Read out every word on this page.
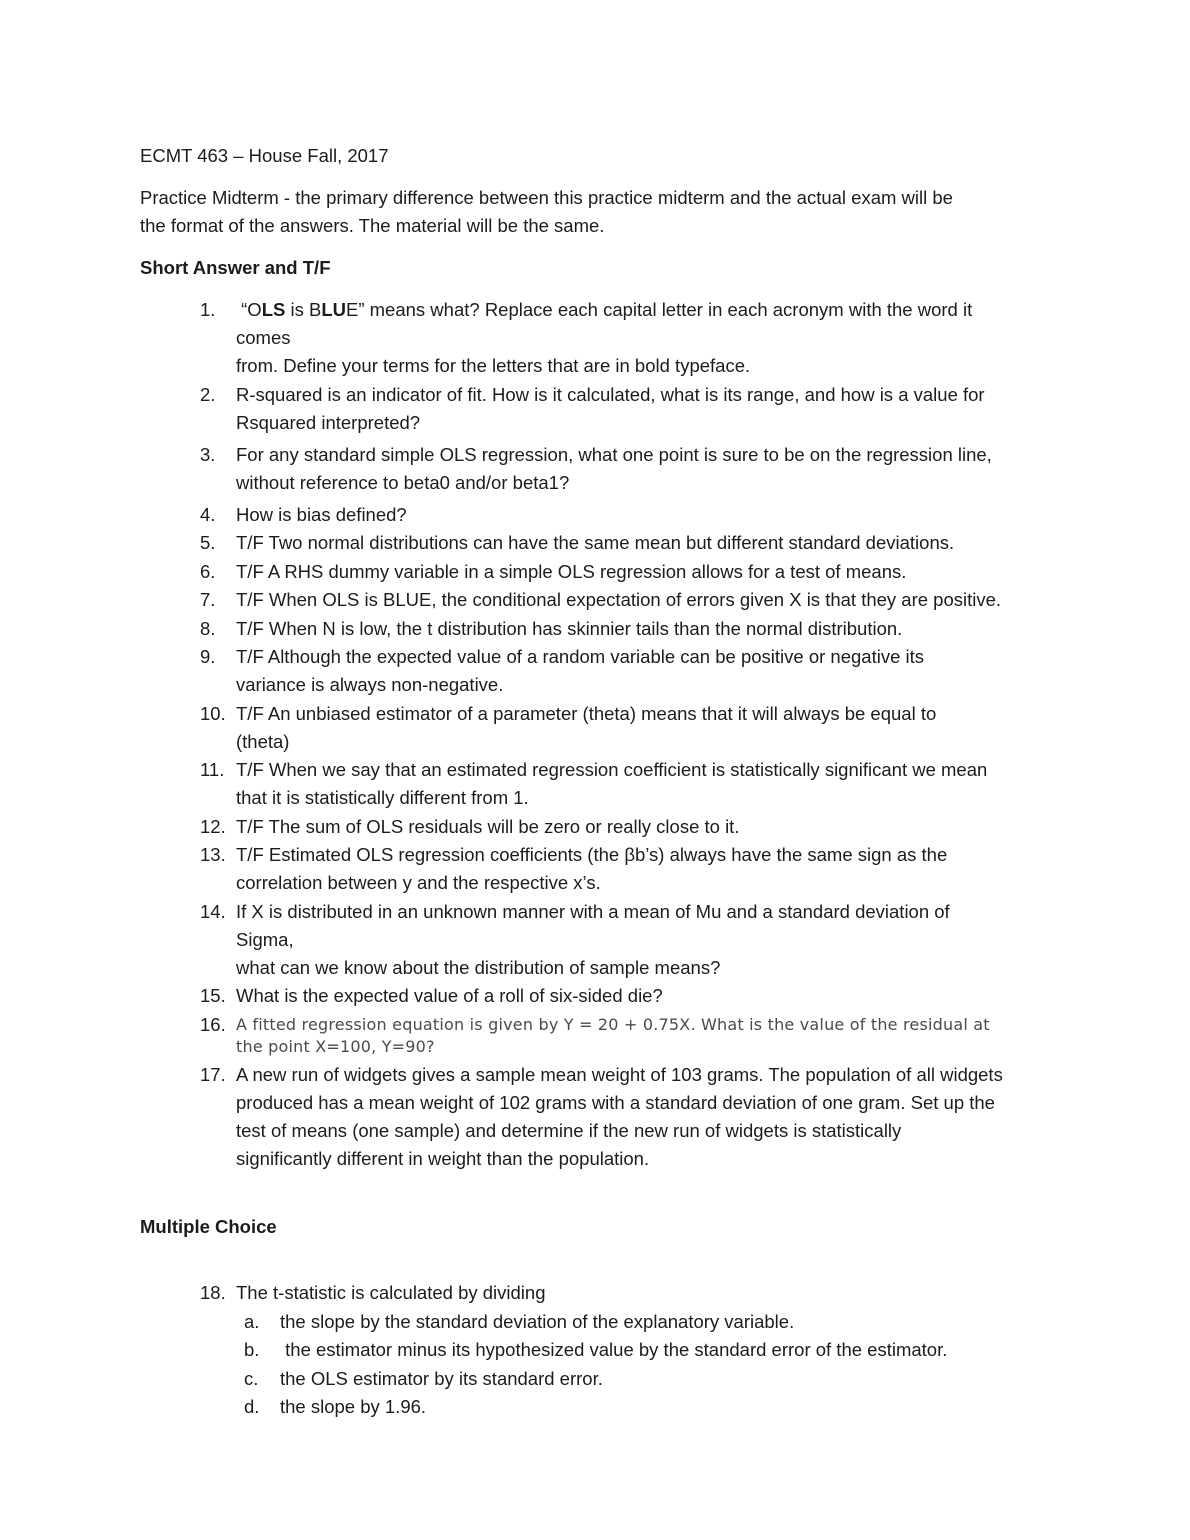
ECMT 463 – House Fall, 2017

Practice Midterm - the primary difference between this practice midterm and the actual exam will be

the format of the answers. The material will be the same.

Short Answer and T/F

1.	“OLS is BLUE” means what? Replace each capital letter in each acronym with the word it
comes
from. Define your terms for the letters that are in bold typeface.
2.	R-squared is an indicator of fit. How is it calculated, what is its range, and how is a value for
Rsquared interpreted?
3.	For any standard simple OLS regression, what one point is sure to be on the regression line,
without reference to beta0 and/or beta1?
4.	How is bias defined?
5.	T/F Two normal distributions can have the same mean but different standard deviations.
6.	T/F A RHS dummy variable in a simple OLS regression allows for a test of means.
7.	T/F When OLS is BLUE, the conditional expectation of errors given X is that they are positive.
8.	T/F When N is low, the t distribution has skinnier tails than the normal distribution.
9.	T/F Although the expected value of a random variable can be positive or negative its
variance is always non-negative.
10. T/F An unbiased estimator of a parameter (theta) means that it will always be equal to
(theta)
11. T/F When we say that an estimated regression coefficient is statistically significant we mean
that it is statistically different from 1.
12. T/F The sum of OLS residuals will be zero or really close to it.
13. T/F Estimated OLS regression coefficients (the βb’s) always have the same sign as the
correlation between y and the respective x’s.
14. If X is distributed in an unknown manner with a mean of Mu and a standard deviation of
Sigma,
what can we know about the distribution of sample means?
15. What is the expected value of a roll of six-sided die?
16. A fitted regression equation is given by Y = 20 + 0.75X. What is the value of the residual at
the point X=100, Y=90?
17. A new run of widgets gives a sample mean weight of 103 grams. The population of all widgets
produced has a mean weight of 102 grams with a standard deviation of one gram. Set up the
test of means (one sample) and determine if the new run of widgets is statistically
significantly different in weight than the population.

Multiple Choice

18. The t-statistic is calculated by dividing
a. the slope by the standard deviation of the explanatory variable.
b. the estimator minus its hypothesized value by the standard error of the estimator.
c. the OLS estimator by its standard error.
d. the slope by 1.96.
